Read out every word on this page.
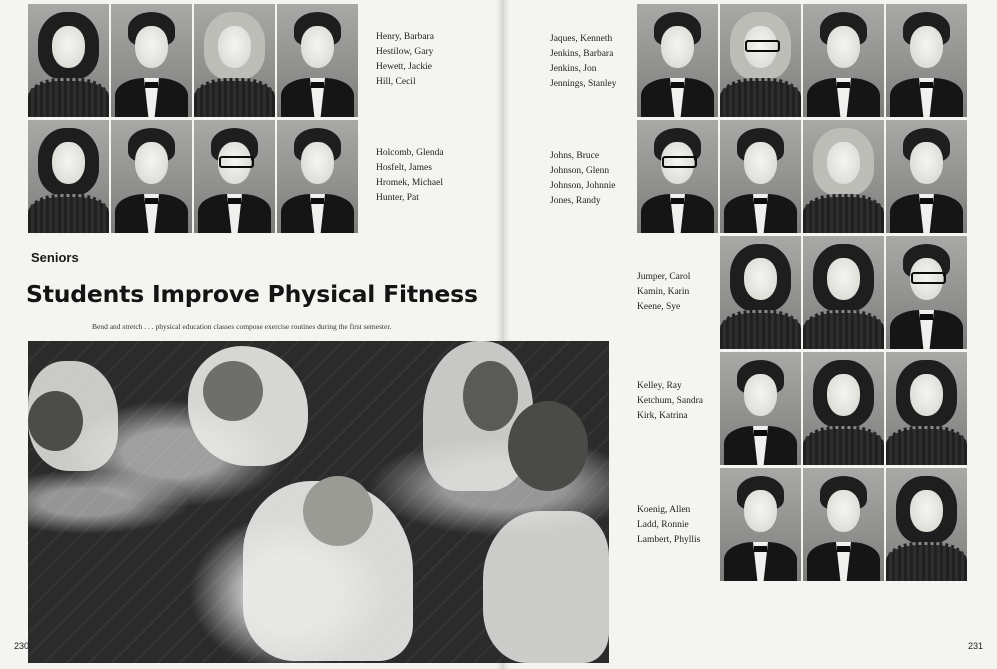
Henry, Barbara
Hestilow, Gary
Hewett, Jackie
Hill, Cecil
Holcomb, Glenda
Hosfelt, James
Hromek, Michael
Hunter, Pat
Seniors
Students Improve Physical Fitness
Bend and stretch . . . physical education classes compose exercise routines during the first semester.
230
Jaques, Kenneth
Jenkins, Barbara
Jenkins, Jon
Jennings, Stanley
Johns, Bruce
Johnson, Glenn
Johnson, Johnnie
Jones, Randy
Jumper, Carol
Kamin, Karin
Keene, Sye
Kelley, Ray
Ketchum, Sandra
Kirk, Katrina
Koenig, Allen
Ladd, Ronnie
Lambert, Phyllis
231
